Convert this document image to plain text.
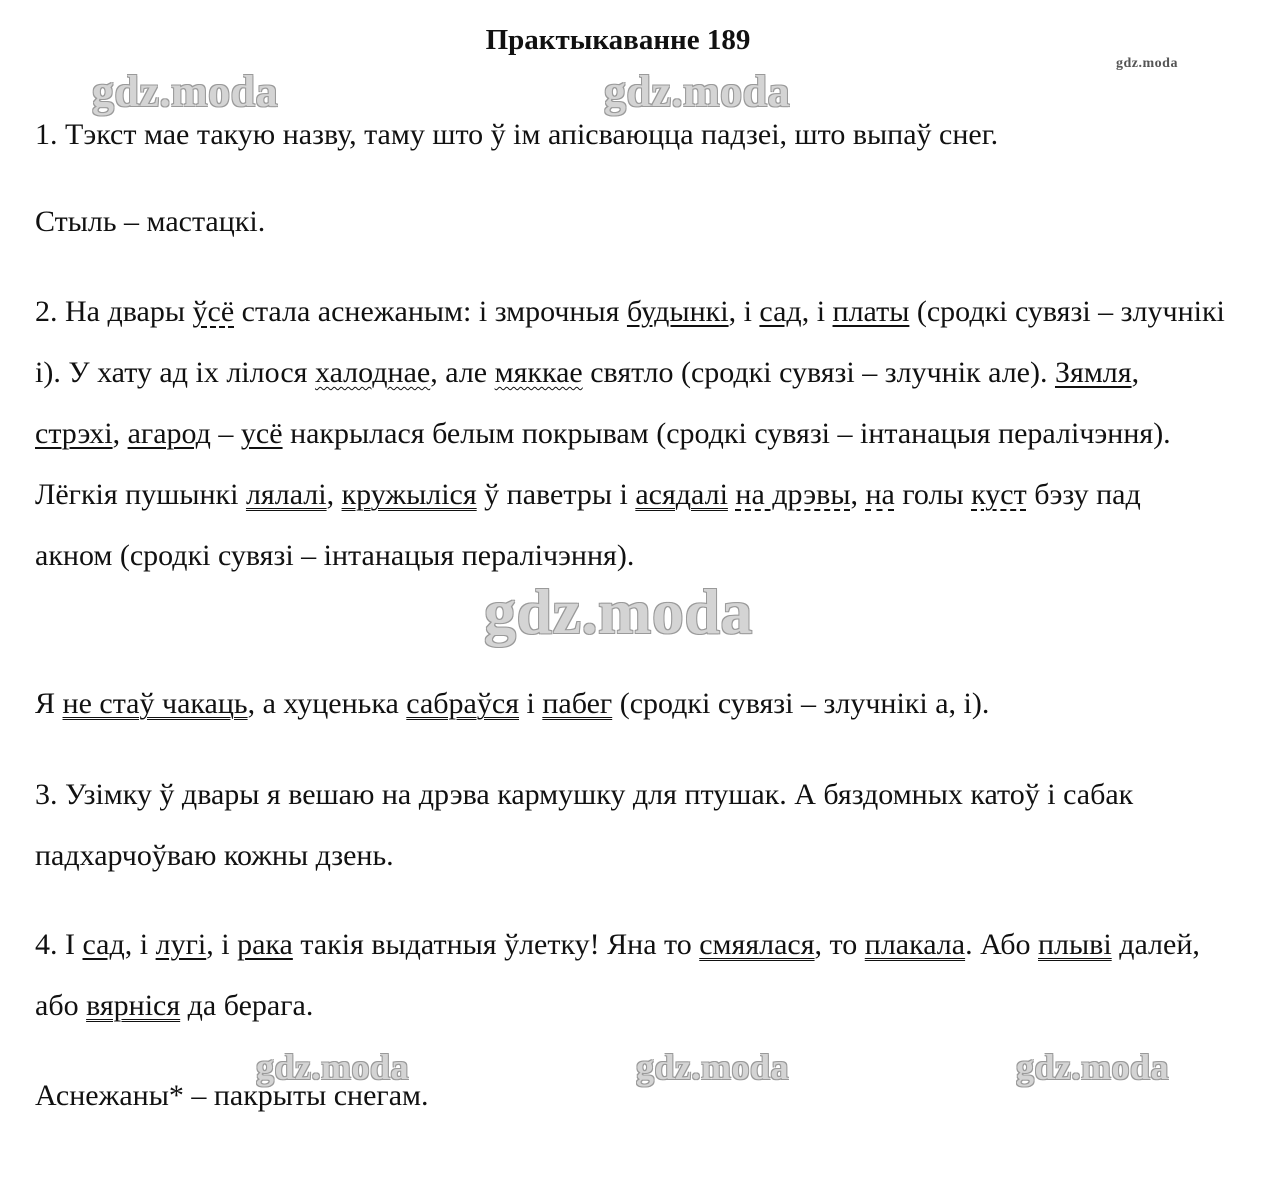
Практыкаванне 189
gdz.moda
gdz.moda	gdz.moda
gdz.moda
gdz.moda	gdz.moda	gdz.moda
1. Тэкст мае такую назву, таму што ў ім апісваюцца падзеі, што выпаў снег.
Стыль – мастацкі.
2. На двары ўсё стала аснежаным: і змрочныя будынкі, і сад, і платы (сродкі сувязі – злучнікі і). У хату ад іх лілося халоднае, але мяккае святло (сродкі сувязі – злучнік але). Зямля, стрэхі, агарод – усё накрылася белым покрывам (сродкі сувязі – інтанацыя пералічэння). Лёгкія пушынкі лялалі, кружыліся ў паветры і асядалі на дрэвы, на голы куст бэзу пад акном (сродкі сувязі – інтанацыя пералічэння).
Я не стаў чакаць, а хуценька сабраўся і пабег (сродкі сувязі – злучнікі а, і).
3. Узімку ў двары я вешаю на дрэва кармушку для птушак. А бяздомных катоў і сабак падхарчоўваю кожны дзень.
4. І сад, і лугі, і рака такія выдатныя ўлетку! Яна то смяялася, то плакала. Або плыві далей, або вярніся да берага.
Аснежаны* – пакрыты снегам.
